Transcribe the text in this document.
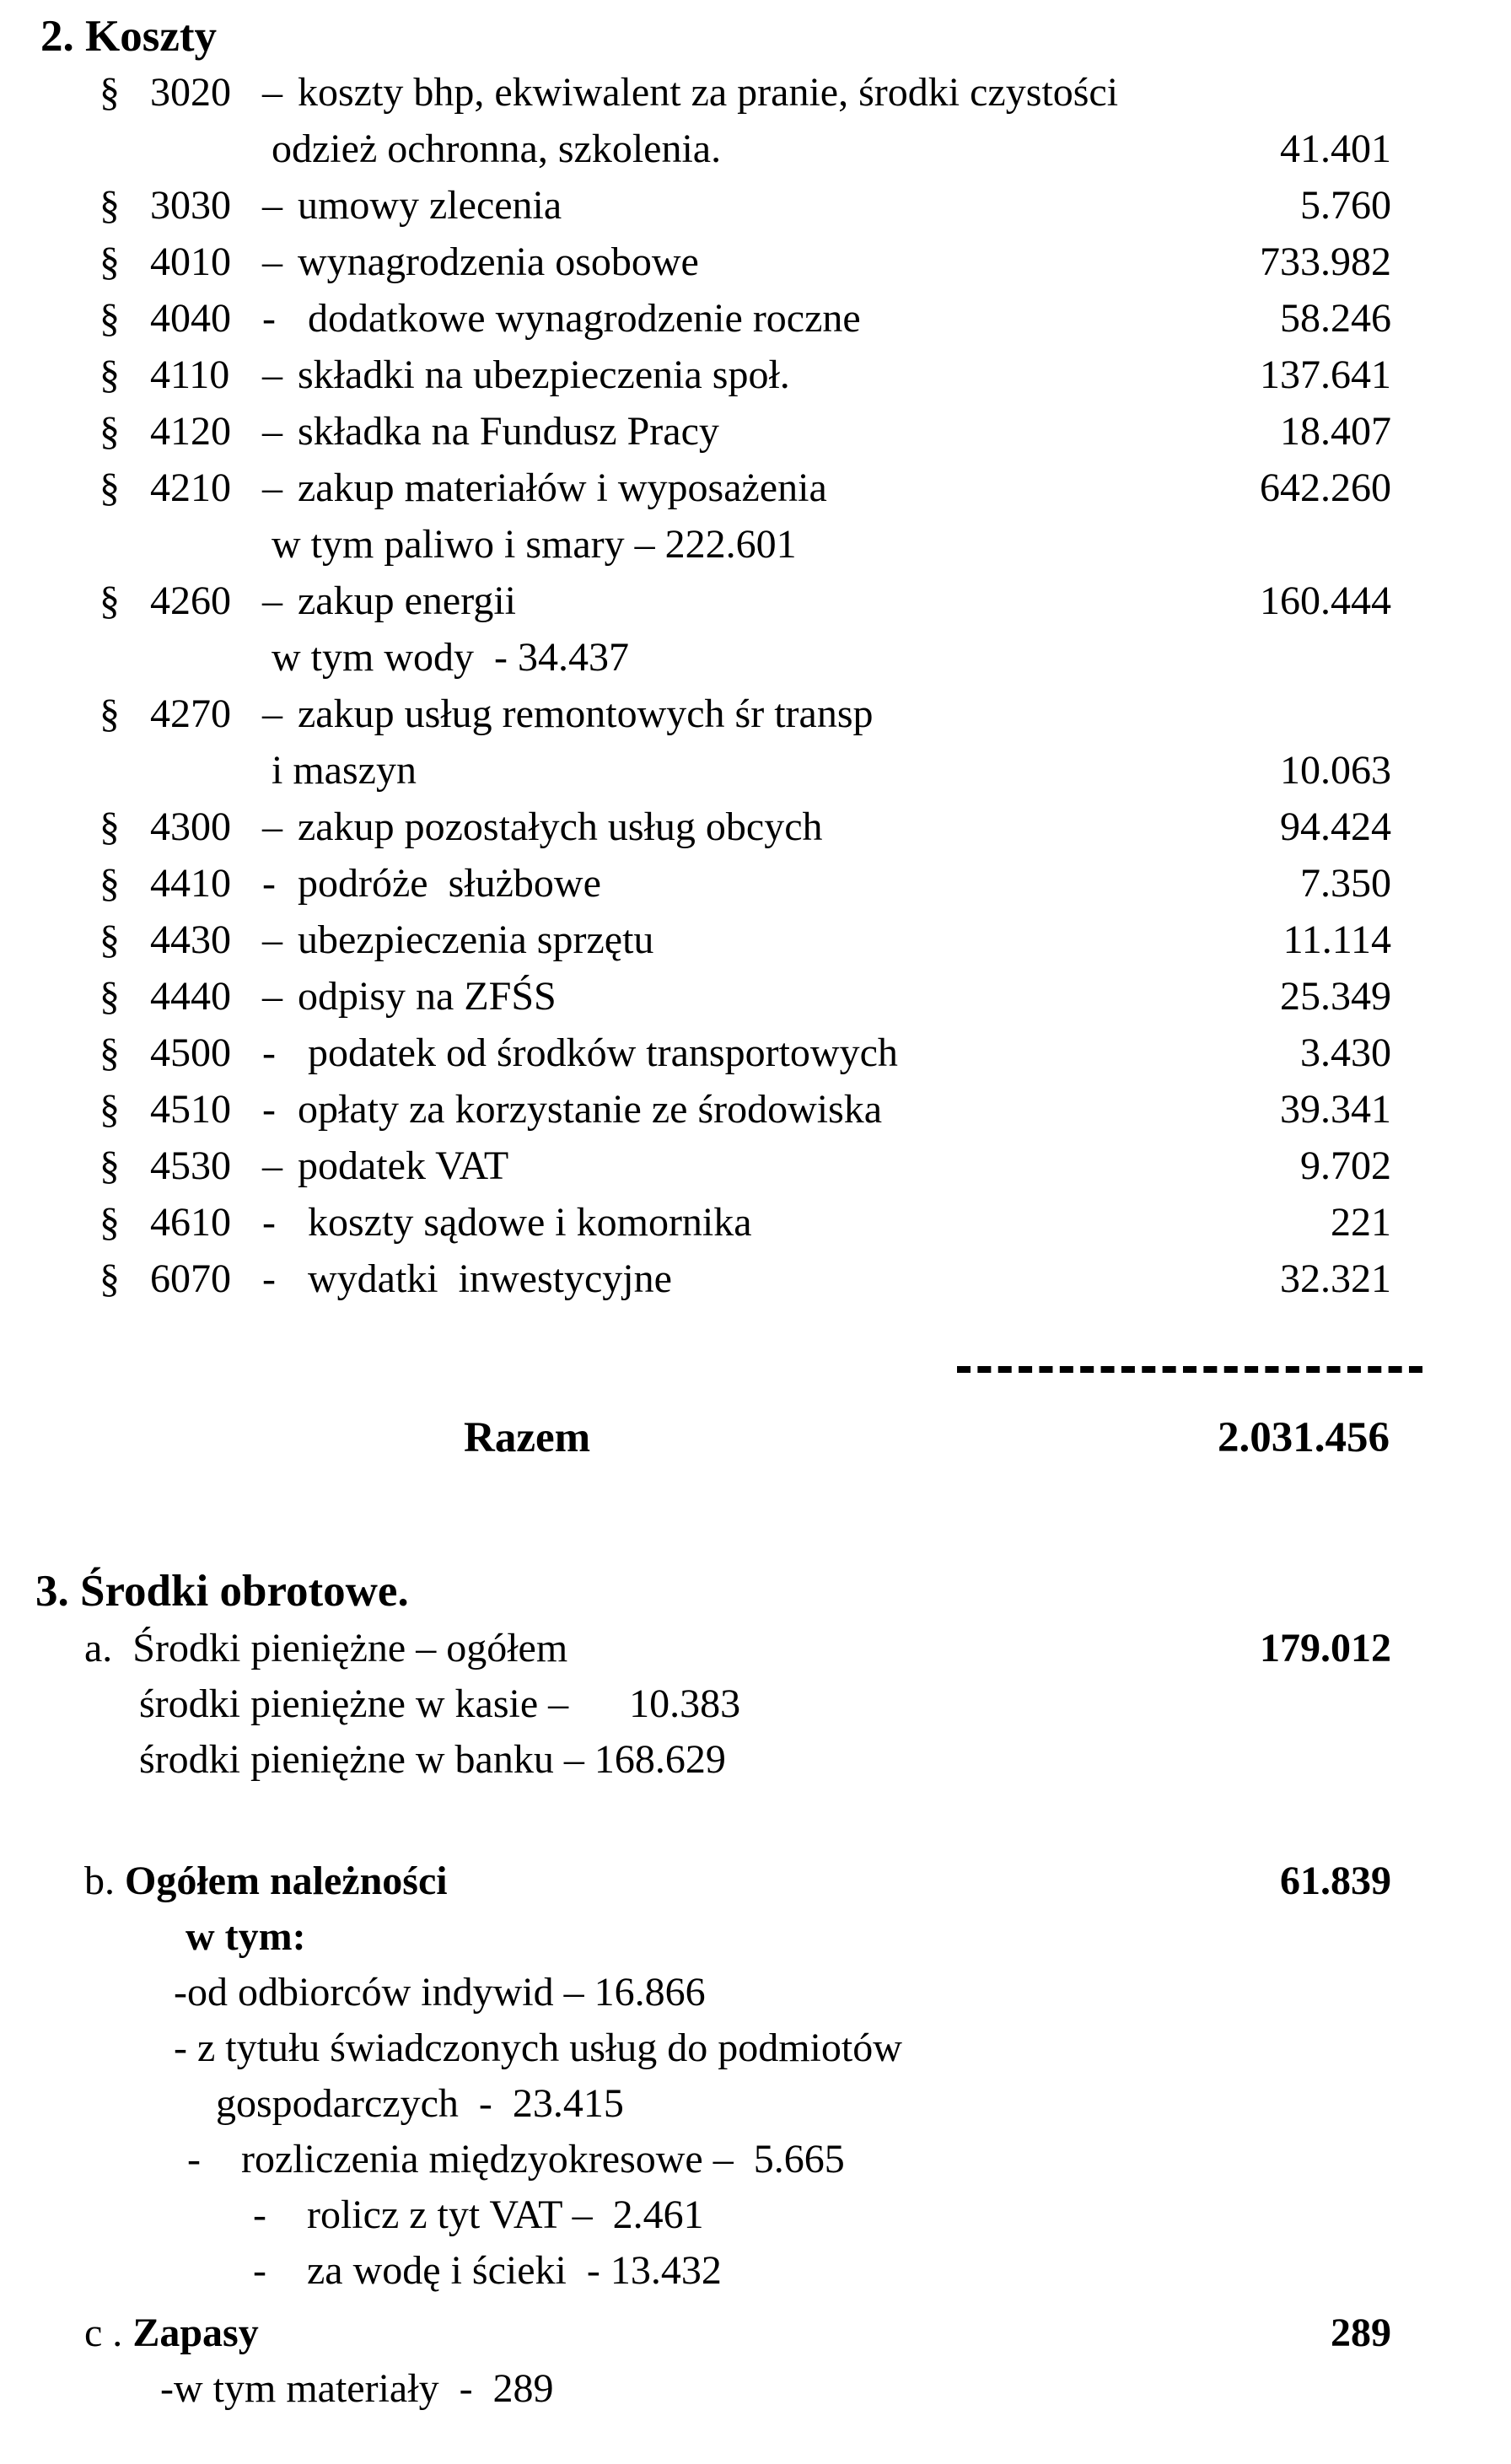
2. Koszty
§ 3020 – koszty bhp, ekwiwalent za pranie, środki czystości
odzież ochronna, szkolenia.	41.401
§ 3030 – umowy zlecenia	5.760
§ 4010 – wynagrodzenia osobowe	733.982
§ 4040 - dodatkowe wynagrodzenie roczne	58.246
§ 4110 – składki na ubezpieczenia społ.	137.641
§ 4120 – składka na Fundusz Pracy	18.407
§ 4210 – zakup materiałów i wyposażenia	642.260
w tym paliwo i smary – 222.601
§ 4260 – zakup energii	160.444
w tym wody  - 34.437
§ 4270 – zakup usług remontowych śr transp
i maszyn	10.063
§ 4300 – zakup pozostałych usług obcych	94.424
§ 4410 - podróże  służbowe	7.350
§ 4430 – ubezpieczenia sprzętu	11.114
§ 4440 – odpisy na ZFŚS	25.349
§ 4500 - podatek od środków transportowych	3.430
§ 4510 - opłaty za korzystanie ze środowiska	39.341
§ 4530 – podatek VAT	9.702
§ 4610 - koszty sądowe i komornika	221
§ 6070 - wydatki  inwestycyjne	32.321
Razem	2.031.456
3. Środki obrotowe.
a.  Środki pieniężne – ogółem	179.012
środki pieniężne w kasie –      10.383
środki pieniężne w banku – 168.629
b. Ogółem należności	61.839
w tym:
-od odbiorców indywid – 16.866
- z tytułu świadczonych usług do podmiotów
gospodarczych  -  23.415
-    rozliczenia międzyokresowe –  5.665
-    rolicz z tyt VAT –  2.461
-    za wodę i ścieki  - 13.432
c . Zapasy	289
-w tym materiały  -  289
